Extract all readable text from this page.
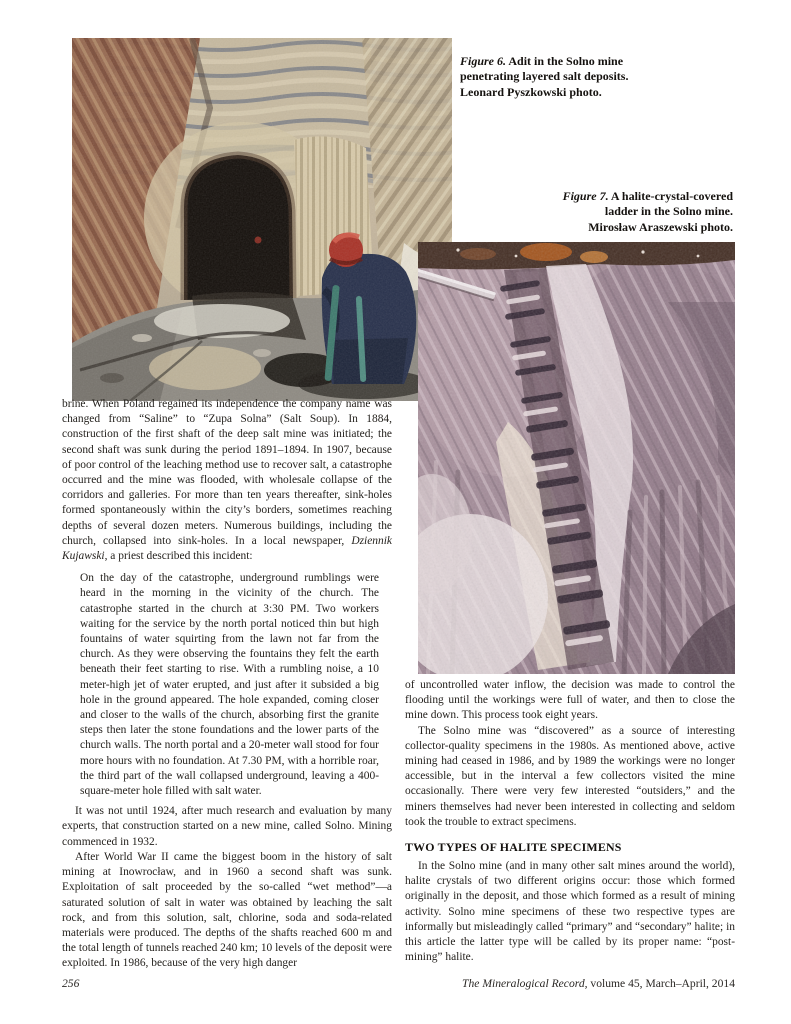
Figure 6. Adit in the Solno mine
penetrating layered salt deposits.
Leonard Pyszkowski photo.
Figure 7. A halite-crystal-covered
ladder in the Solno mine.
Mirosław Araszewski photo.

brine. When Poland regained its independence the company name was changed from “Saline” to “Zupa Solna” (Salt Soup). In 1884, construction of the first shaft of the deep salt mine was initiated; the second shaft was sunk during the period 1891–1894. In 1907, because of poor control of the leaching method use to recover salt, a catastrophe occurred and the mine was flooded, with wholesale collapse of the corridors and galleries. For more than ten years thereafter, sink-holes formed spontaneously within the city’s borders, sometimes reaching depths of several dozen meters. Numerous buildings, including the church, collapsed into sink-holes. In a local newspaper, Dziennik Kujawski, a priest described this incident:

On the day of the catastrophe, underground rumblings were heard in the morning in the vicinity of the church. The catastrophe started in the church at 3:30 PM. Two workers waiting for the service by the north portal noticed thin but high fountains of water squirting from the lawn not far from the church. As they were observing the fountains they felt the earth beneath their feet starting to rise. With a rumbling noise, a 10 meter-high jet of water erupted, and just after it subsided a big hole in the ground appeared. The hole expanded, coming closer and closer to the walls of the church, absorbing first the granite steps then later the stone foundations and the lower parts of the church walls. The north portal and a 20-meter wall stood for four more hours with no foundation. At 7.30 PM, with a horrible roar, the third part of the wall collapsed underground, leaving a 400-square-meter hole filled with salt water.

It was not until 1924, after much research and evaluation by many experts, that construction started on a new mine, called Solno. Mining commenced in 1932.

After World War II came the biggest boom in the history of salt mining at Inowrocław, and in 1960 a second shaft was sunk. Exploitation of salt proceeded by the so-called “wet method”—a saturated solution of salt in water was obtained by leaching the salt rock, and from this solution, salt, chlorine, soda and soda-related materials were produced. The depths of the shafts reached 600 m and the total length of tunnels reached 240 km; 10 levels of the deposit were exploited. In 1986, because of the very high danger

of uncontrolled water inflow, the decision was made to control the flooding until the workings were full of water, and then to close the mine down. This process took eight years.

The Solno mine was “discovered” as a source of interesting collector-quality specimens in the 1980s. As mentioned above, active mining had ceased in 1986, and by 1989 the workings were no longer accessible, but in the interval a few collectors visited the mine occasionally. There were very few interested “outsiders,” and the miners themselves had never been interested in collecting and seldom took the trouble to extract specimens.

TWO TYPES OF HALITE SPECIMENS

In the Solno mine (and in many other salt mines around the world), halite crystals of two different origins occur: those which formed originally in the deposit, and those which formed as a result of mining activity. Solno mine specimens of these two respective types are informally but misleadingly called “primary” and “secondary” halite; in this article the latter type will be called by its proper name: “post-mining” halite.

256	The Mineralogical Record, volume 45, March–April, 2014
